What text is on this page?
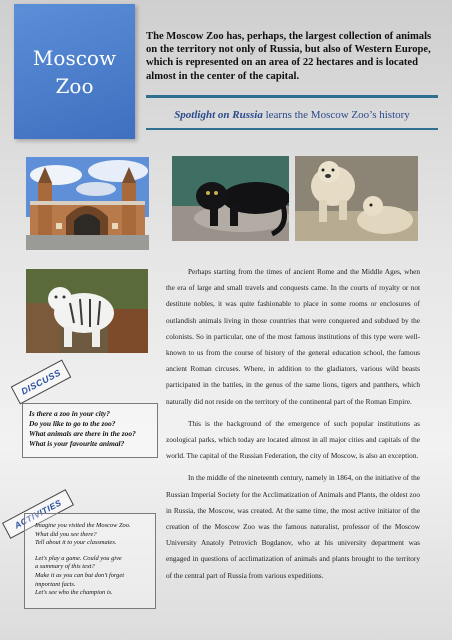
Moscow
Zoo
The Moscow Zoo has, perhaps, the largest collection of animals on the territory not only of Russia, but also of Western Europe, which is represented on an area of 22 hectares and is located almost in the center of the capital.
Spotlight on Russia learns the Moscow Zoo’s history

Perhaps starting from the times of ancient Rome and the Middle Ages, when the era of large and small travels and conquests came. In the courts of royalty or not destitute nobles, it was quite fashionable to place in some rooms or enclosures of outlandish animals living in those countries that were conquered and subdued by the colonists. So in particular, one of the most famous institutions of this type were well-known to us from the course of history of the general education school, the famous ancient Roman circuses. Where, in addition to the gladiators, various wild beasts participated in the battles, in the genus of the same lions, tigers and panthers, which naturally did not reside on the territory of the continental part of the Roman Empire.

This is the background of the emergence of such popular institutions as zoological parks, which today are located almost in all major cities and capitals of the world. The capital of the Russian Federation, the city of Moscow, is also an exception.

In the middle of the nineteenth century, namely in 1864, on the initiative of the Russian Imperial Society for the Acclimatization of Animals and Plants, the oldest zoo in Russia, the Moscow, was created. At the same time, the most active initiator of the creation of the Moscow Zoo was the famous naturalist, professor of the Moscow University Anatoly Petrovich Bogdanov, who at his university department was engaged in questions of acclimatization of animals and plants brought to the territory of the central part of Russia from various expeditions.

DISCUSS
Is there a zoo in your city?
Do you like to go to the zoo?
What animals are there in the zoo?
What is your favourite animal?
ACTIVITIES
Imagine you visited the Moscow Zoo.
What did you see there?
Tell about it to your classmates.
Let's play a game. Could you give
a summary of this text?
Make it as you can but don't forget
important facts.
Let's see who the champion is.
